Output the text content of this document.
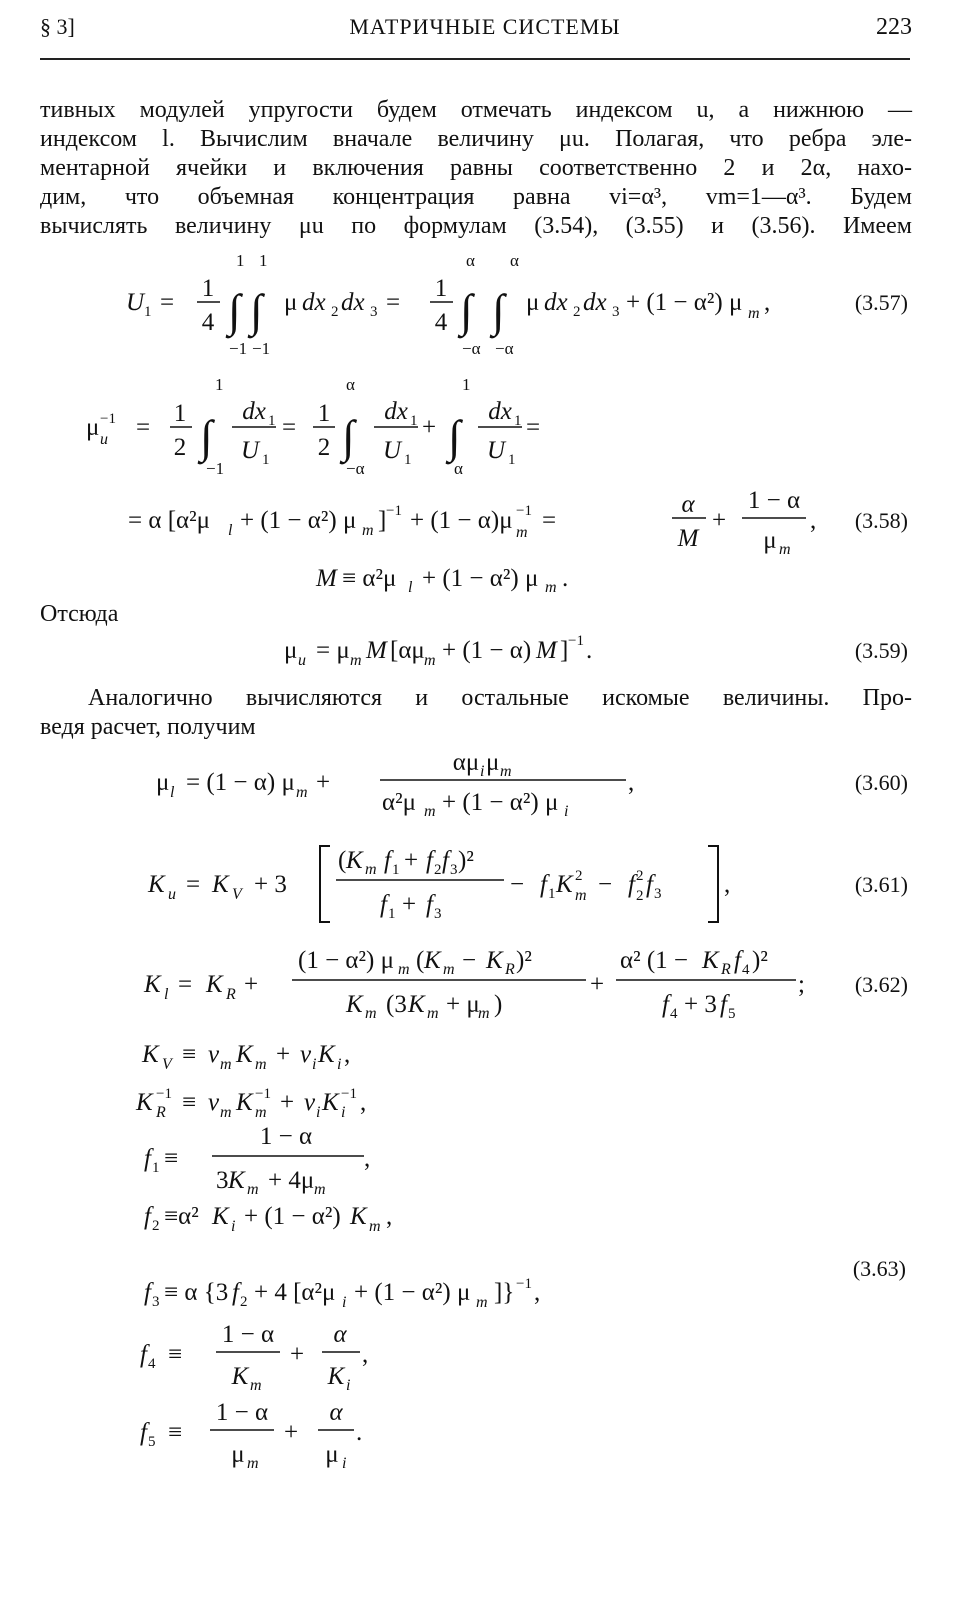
§ 3]	МАТРИЧНЫЕ СИСТЕМЫ	223
тивных модулей упругости будем отмечать индексом u, а нижнюю —
индексом l. Вычислим вначале величину μu. Полагая, что ребра эле-
ментарной ячейки и включения равны соответственно 2 и 2α, нахо-
дим, что объемная концентрация равна vi=α³, vm=1—α³. Будем
вычислять величину μu по формулам (3.54), (3.55) и (3.56). Имеем
Отсюда
Аналогично вычисляются и остальные искомые величины. Про-
ведя расчет, получим
U 1 =
1
4 ∫ ∫
1 1
−1 −1
μ dx 2 dx 3 =
1
4 ∫ ∫
α α
−α −α
μ dx 2 dx 3 + (1 − α²) μ m ,	(3.57)
μ −1
u =
1
2 ∫
1
−1
dx 1
U 1
=
1
2 ∫
α
−α
dx 1
U 1
+ ∫
1
α
dx 1
U 1
=
= α [α²μ l + (1 − α²) μ m ] −1 + (1 − α)μ −1
m =
α
M
+
1 − α
μ m
, (3.58)
M ≡ α²μ l + (1 − α²) μ m .
μ u = μ m M [αμ m + (1 − α) M ] −1 .	(3.59)
μ l = (1 − α) μ m +
αμ i μ m
α²μ m + (1 − α²) μ i
,	(3.60)
K u = K V + 3
( K m f 1 + f 2 f 3 )²
f 1 + f 3
− f 1 K 2
m − f 2
2 f 3	,	(3.61)
K l = K R +
(1 − α²) μ m ( K m − K R )²
K m (3 K m + μ
m )
+
α² (1 − K R f 4 )²
f 4 + 3 f 5
; (3.62)
K V ≡ v m K m + v i K i ,
K −1
R ≡ v m K −1
m + v i K −1
i ,
f 1 ≡
1 − α
3 K m + 4μ m
,
f 2 ≡α² K i + (1 − α²) K m ,
(3.63)
f 3 ≡ α {3 f 2 + 4 [α²μ i + (1 − α²) μ m ]} −1 ,
f 4 ≡
1 − α
K m
+
α
K i
,
f 5 ≡
1 − α
μ m
+
α
μ i
.
